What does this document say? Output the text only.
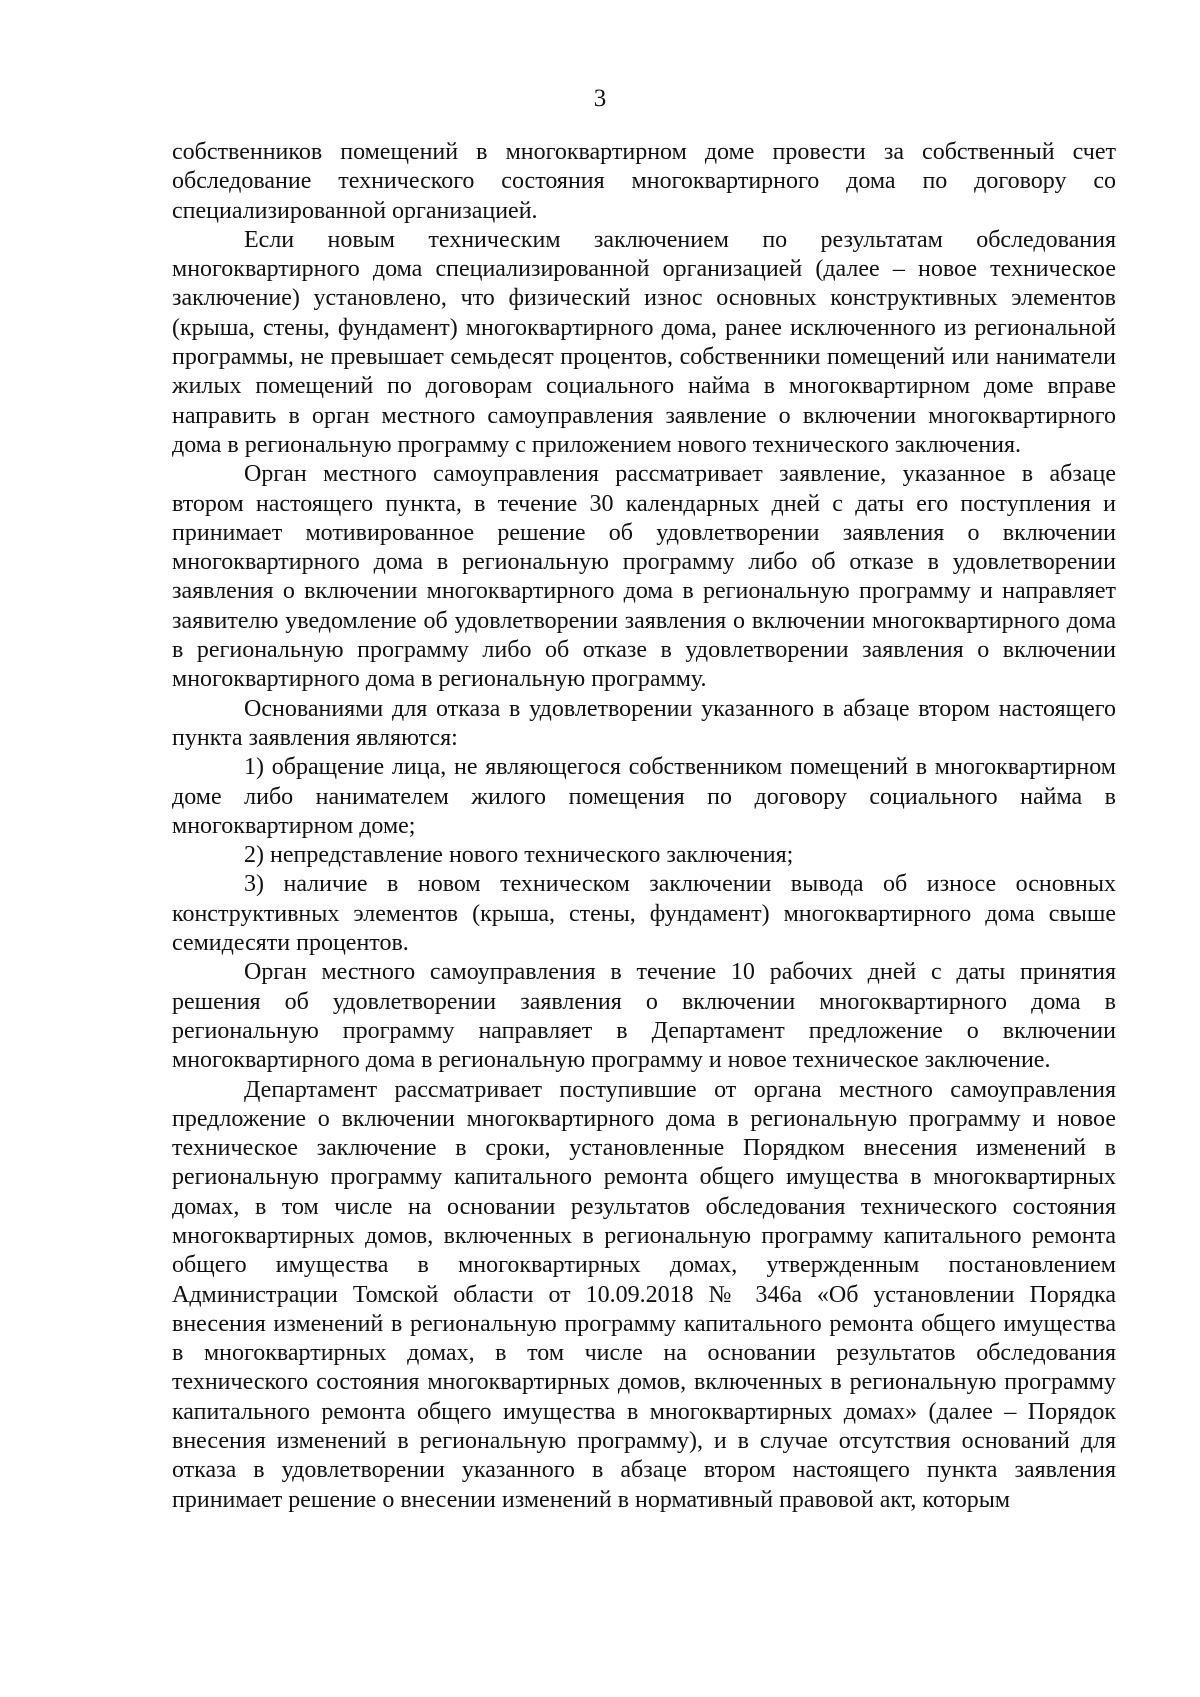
3

собственников помещений в многоквартирном доме провести за собственный счет обследование технического состояния многоквартирного дома по договору со специализированной организацией.

Если новым техническим заключением по результатам обследования многоквартирного дома специализированной организацией (далее – новое техническое заключение) установлено, что физический износ основных конструктивных элементов (крыша, стены, фундамент) многоквартирного дома, ранее исключенного из региональной программы, не превышает семьдесят процентов, собственники помещений или наниматели жилых помещений по договорам социального найма в многоквартирном доме вправе направить в орган местного самоуправления заявление о включении многоквартирного дома в региональную программу с приложением нового технического заключения.

Орган местного самоуправления рассматривает заявление, указанное в абзаце втором настоящего пункта, в течение 30 календарных дней с даты его поступления и принимает мотивированное решение об удовлетворении заявления о включении многоквартирного дома в региональную программу либо об отказе в удовлетворении заявления о включении многоквартирного дома в региональную программу и направляет заявителю уведомление об удовлетворении заявления о включении многоквартирного дома в региональную программу либо об отказе в удовлетворении заявления о включении многоквартирного дома в региональную программу.

Основаниями для отказа в удовлетворении указанного в абзаце втором настоящего пункта заявления являются:

1) обращение лица, не являющегося собственником помещений в многоквартирном доме либо нанимателем жилого помещения по договору социального найма в многоквартирном доме;

2) непредставление нового технического заключения;

3) наличие в новом техническом заключении вывода об износе основных конструктивных элементов (крыша, стены, фундамент) многоквартирного дома свыше семидесяти процентов.

Орган местного самоуправления в течение 10 рабочих дней с даты принятия решения об удовлетворении заявления о включении многоквартирного дома в региональную программу направляет в Департамент предложение о включении многоквартирного дома в региональную программу и новое техническое заключение.

Департамент рассматривает поступившие от органа местного самоуправления предложение о включении многоквартирного дома в региональную программу и новое техническое заключение в сроки, установленные Порядком внесения изменений в региональную программу капитального ремонта общего имущества в многоквартирных домах, в том числе на основании результатов обследования технического состояния многоквартирных домов, включенных в региональную программу капитального ремонта общего имущества в многоквартирных домах, утвержденным постановлением Администрации Томской области от 10.09.2018 № 346а «Об установлении Порядка внесения изменений в региональную программу капитального ремонта общего имущества в многоквартирных домах, в том числе на основании результатов обследования технического состояния многоквартирных домов, включенных в региональную программу капитального ремонта общего имущества в многоквартирных домах» (далее – Порядок внесения изменений в региональную программу), и в случае отсутствия оснований для отказа в удовлетворении указанного в абзаце втором настоящего пункта заявления принимает решение о внесении изменений в нормативный правовой акт, которым
